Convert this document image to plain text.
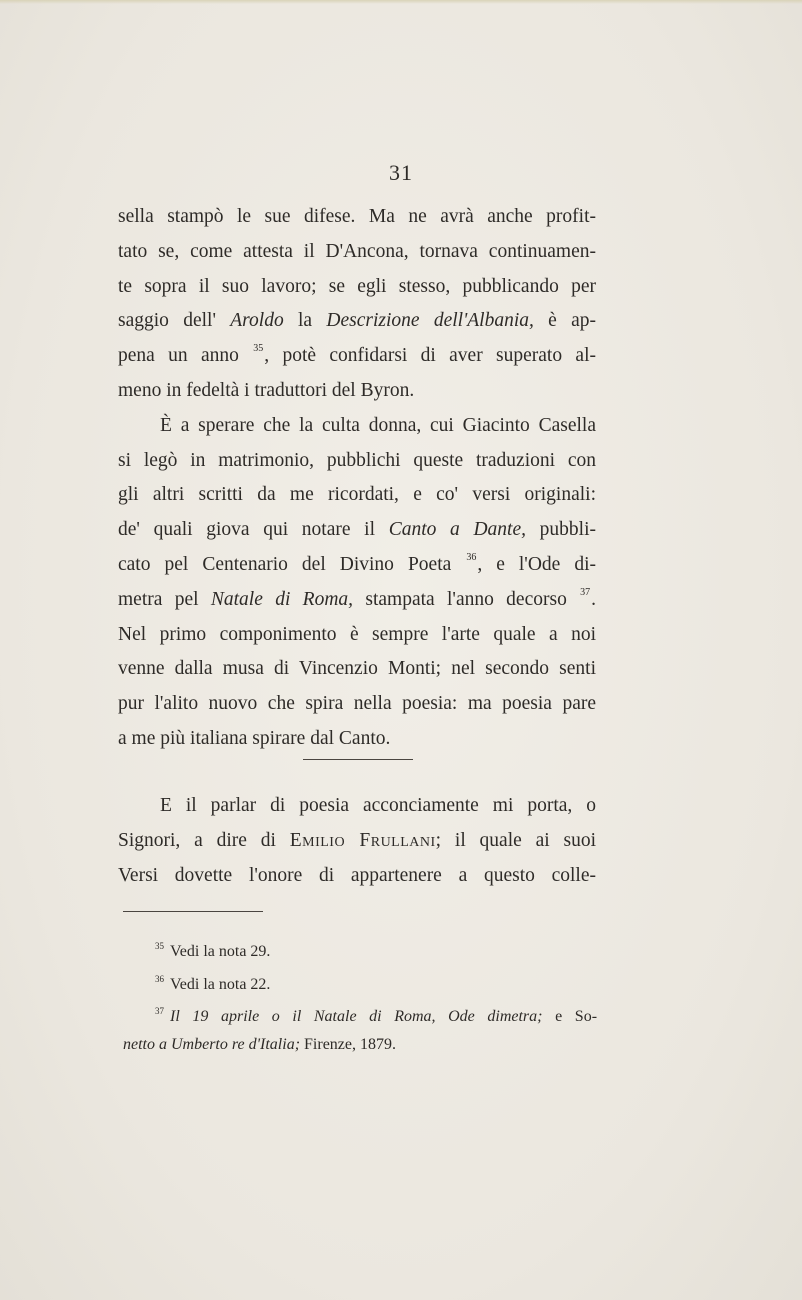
31
sella stampò le sue difese. Ma ne avrà anche profit-
tato se, come attesta il D'Ancona, tornava continuamen-
te sopra il suo lavoro; se egli stesso, pubblicando per
saggio dell' Aroldo la Descrizione dell'Albania, è ap-
pena un anno $^{35}$, potè confidarsi di aver superato al-
meno in fedeltà i traduttori del Byron.
È a sperare che la culta donna, cui Giacinto Casella
si legò in matrimonio, pubblichi queste traduzioni con
gli altri scritti da me ricordati, e co' versi originali:
de' quali giova qui notare il Canto a Dante, pubbli-
cato pel Centenario del Divino Poeta $^{36}$, e l'Ode di-
metra pel Natale di Roma, stampata l'anno decorso $^{37}$.
Nel primo componimento è sempre l'arte quale a noi
venne dalla musa di Vincenzio Monti; nel secondo senti
pur l'alito nuovo che spira nella poesia: ma poesia pare
a me più italiana spirare dal Canto.
E il parlar di poesia acconciamente mi porta, o
Signori, a dire di Emilio Frullani; il quale ai suoi
Versi dovette l'onore di appartenere a questo colle-
$^{35}$ Vedi la nota 29.
$^{36}$ Vedi la nota 22.
$^{37}$ Il 19 aprile o il Natale di Roma, Ode dimetra; e So-
netto a Umberto re d'Italia; Firenze, 1879.
